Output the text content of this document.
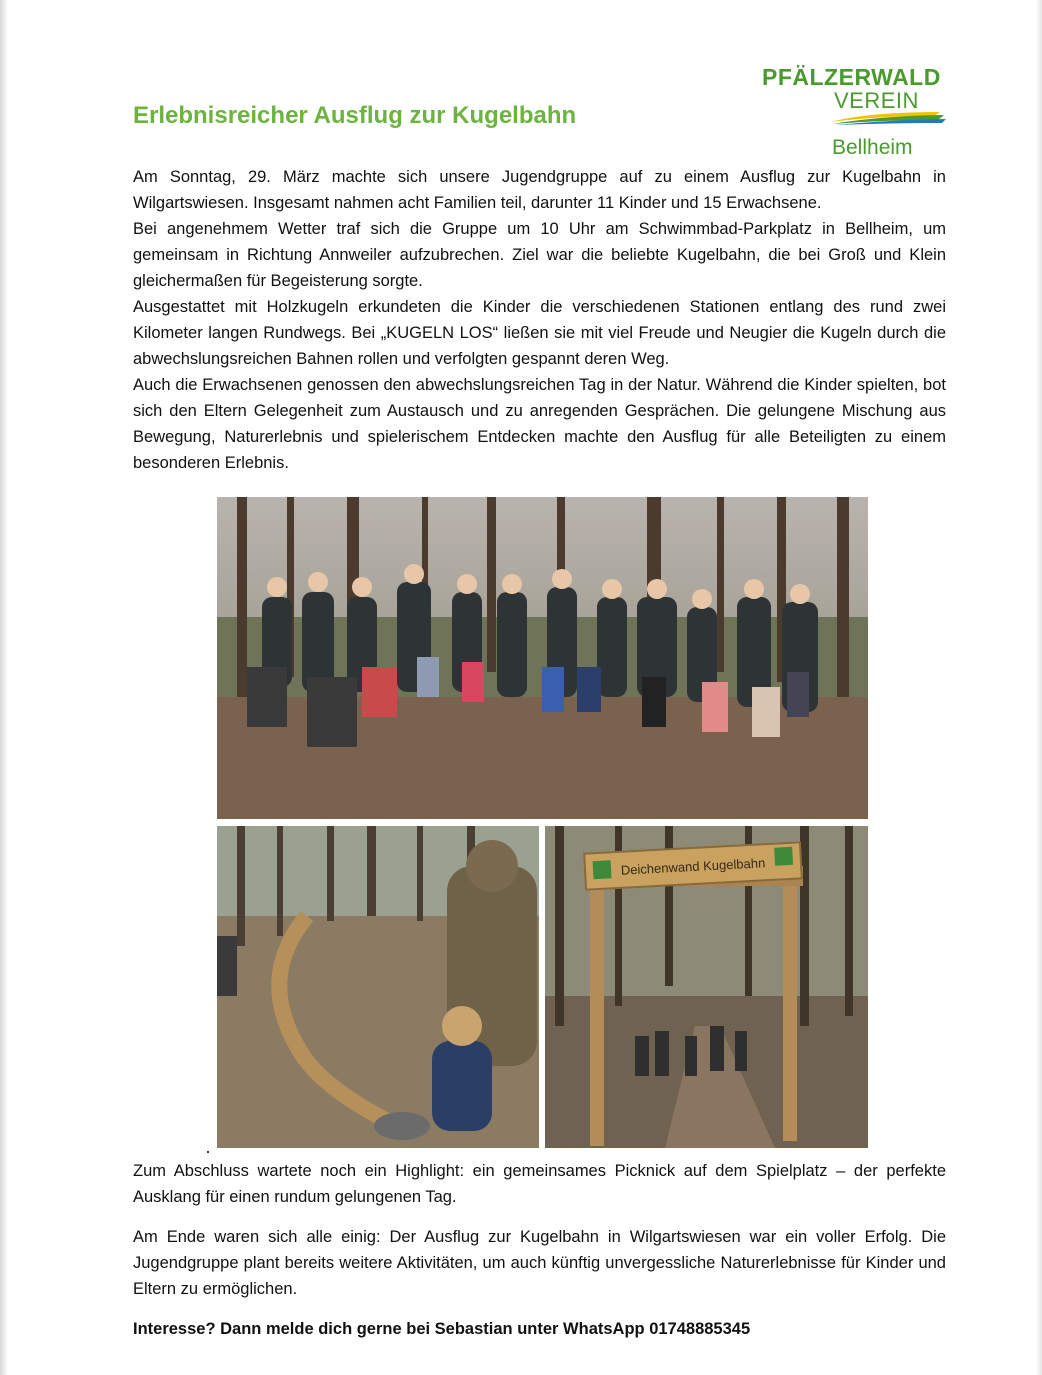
PFÄLZERWALD
VEREIN
Bellheim
Erlebnisreicher Ausflug zur Kugelbahn

Am Sonntag, 29. März machte sich unsere Jugendgruppe auf zu einem Ausflug zur Kugelbahn in Wilgartswiesen. Insgesamt nahmen acht Familien teil, darunter 11 Kinder und 15 Erwachsene.

Bei angenehmem Wetter traf sich die Gruppe um 10 Uhr am Schwimmbad-Parkplatz in Bellheim, um gemeinsam in Richtung Annweiler aufzubrechen. Ziel war die beliebte Kugelbahn, die bei Groß und Klein gleichermaßen für Begeisterung sorgte.

Ausgestattet mit Holzkugeln erkundeten die Kinder die verschiedenen Stationen entlang des rund zwei Kilometer langen Rundwegs. Bei „KUGELN LOS“ ließen sie mit viel Freude und Neugier die Kugeln durch die abwechslungsreichen Bahnen rollen und verfolgten gespannt deren Weg.

Auch die Erwachsenen genossen den abwechslungsreichen Tag in der Natur. Während die Kinder spielten, bot sich den Eltern Gelegenheit zum Austausch und zu anregenden Gesprächen. Die gelungene Mischung aus Bewegung, Naturerlebnis und spielerischem Entdecken machte den Ausflug für alle Beteiligten zu einem besonderen Erlebnis.

Deichenwand Kugelbahn

Zum Abschluss wartete noch ein Highlight: ein gemeinsames Picknick auf dem Spielplatz – der perfekte Ausklang für einen rundum gelungenen Tag.

Am Ende waren sich alle einig: Der Ausflug zur Kugelbahn in Wilgartswiesen war ein voller Erfolg. Die Jugendgruppe plant bereits weitere Aktivitäten, um auch künftig unvergessliche Naturerlebnisse für Kinder und Eltern zu ermöglichen.

Interesse? Dann melde dich gerne bei Sebastian unter WhatsApp 01748885345
